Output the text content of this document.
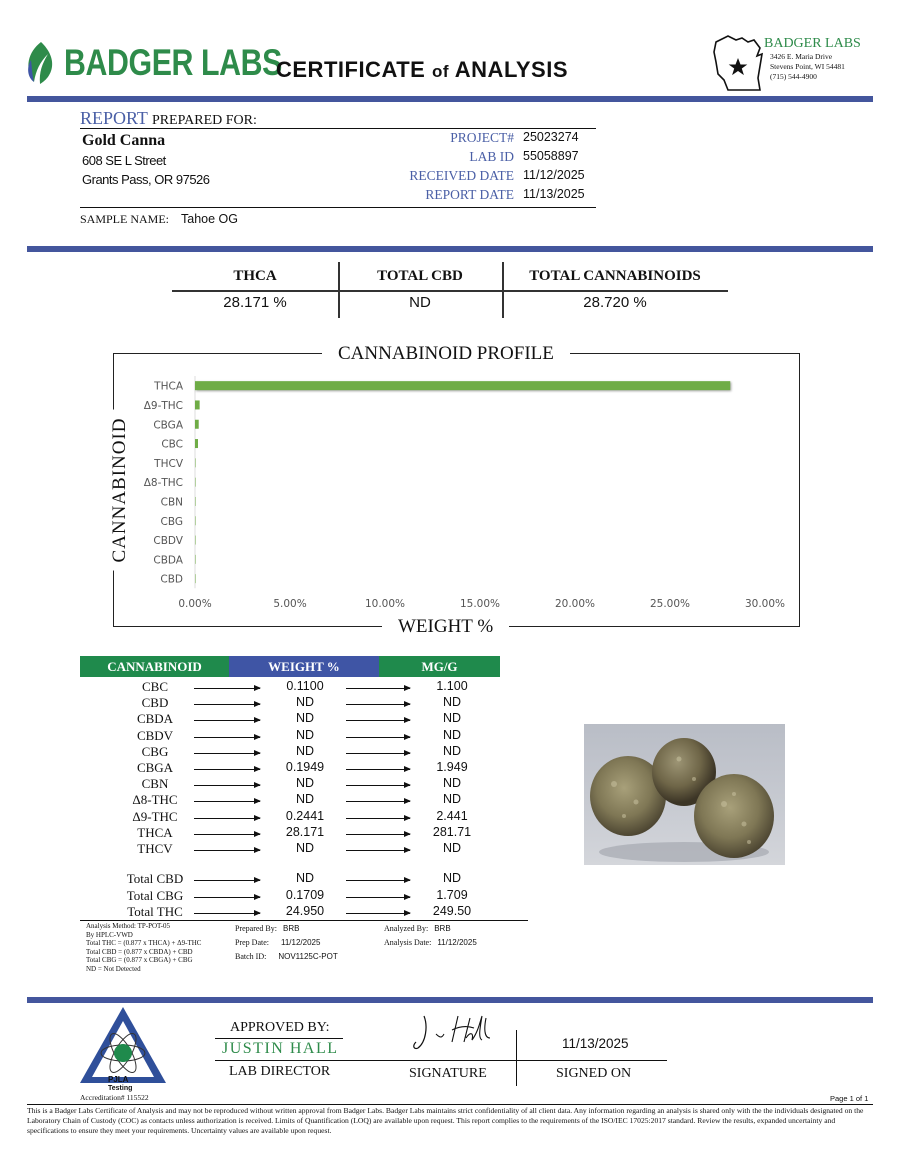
BADGER LABS
CERTIFICATE of ANALYSIS
BADGER LABS
3426 E. Maria Drive
Stevens Point, WI 54481
(715) 544-4900
REPORT PREPARED FOR:
Gold Canna
608 SE L Street
Grants Pass, OR 97526
PROJECT# 25023274
LAB ID 55058897
RECEIVED DATE 11/12/2025
REPORT DATE 11/13/2025
SAMPLE NAME: Tahoe OG
THCA	TOTAL CBD	TOTAL CANNABINOIDS
28.171 %	ND	28.720 %
CANNABINOID PROFILE
WEIGHT %
CANNABINOID
THCA
Δ9-THC
CBGA
CBC
THCV
Δ8-THC
CBN
CBG
CBDV
CBDA
CBD
0.00%	5.00%	10.00%	15.00%	20.00%	25.00%	30.00%
CANNABINOID	WEIGHT %	MG/G
CBC	0.1100	1.100
CBD	ND	ND
CBDA	ND	ND
CBDV	ND	ND
CBG	ND	ND
CBGA	0.1949	1.949
CBN	ND	ND
Δ8-THC	ND	ND
Δ9-THC	0.2441	2.441
THCA	28.171	281.71
THCV	ND	ND
Total CBD	ND	ND
Total CBG	0.1709	1.709
Total THC	24.950	249.50
Analysis Method: TP-POT-05
By HPLC-VWD
Total THC = (0.877 x THCA) + Δ9-THC
Total CBD = (0.877 x CBDA) + CBD
Total CBG = (0.877 x CBGA) + CBG
ND = Not Detected
Prepared By: BRB
Prep Date: 11/12/2025
Batch ID: NOV1125C-POT
Analyzed By: BRB
Analysis Date: 11/12/2025
PJLA
Testing
Accreditation# 115522
APPROVED BY:
JUSTIN HALL
LAB DIRECTOR	SIGNATURE
11/13/2025
SIGNED ON
Page 1 of 1
This is a Badger Labs Certificate of Analysis and may not be reproduced without written approval from Badger Labs. Badger Labs maintains strict confidentiality of all client data. Any information regarding an analysis is shared only with the the individuals designated on the Laboratory Chain of Custody (COC) as contacts unless authorization is received. Limits of Quantification (LOQ) are available upon request. This report complies to the requirements of the ISO/IEC 17025:2017 standard. Review the results, expanded uncertainty and specifications to ensure they meet your requirements. Uncertainty values are available upon request.
